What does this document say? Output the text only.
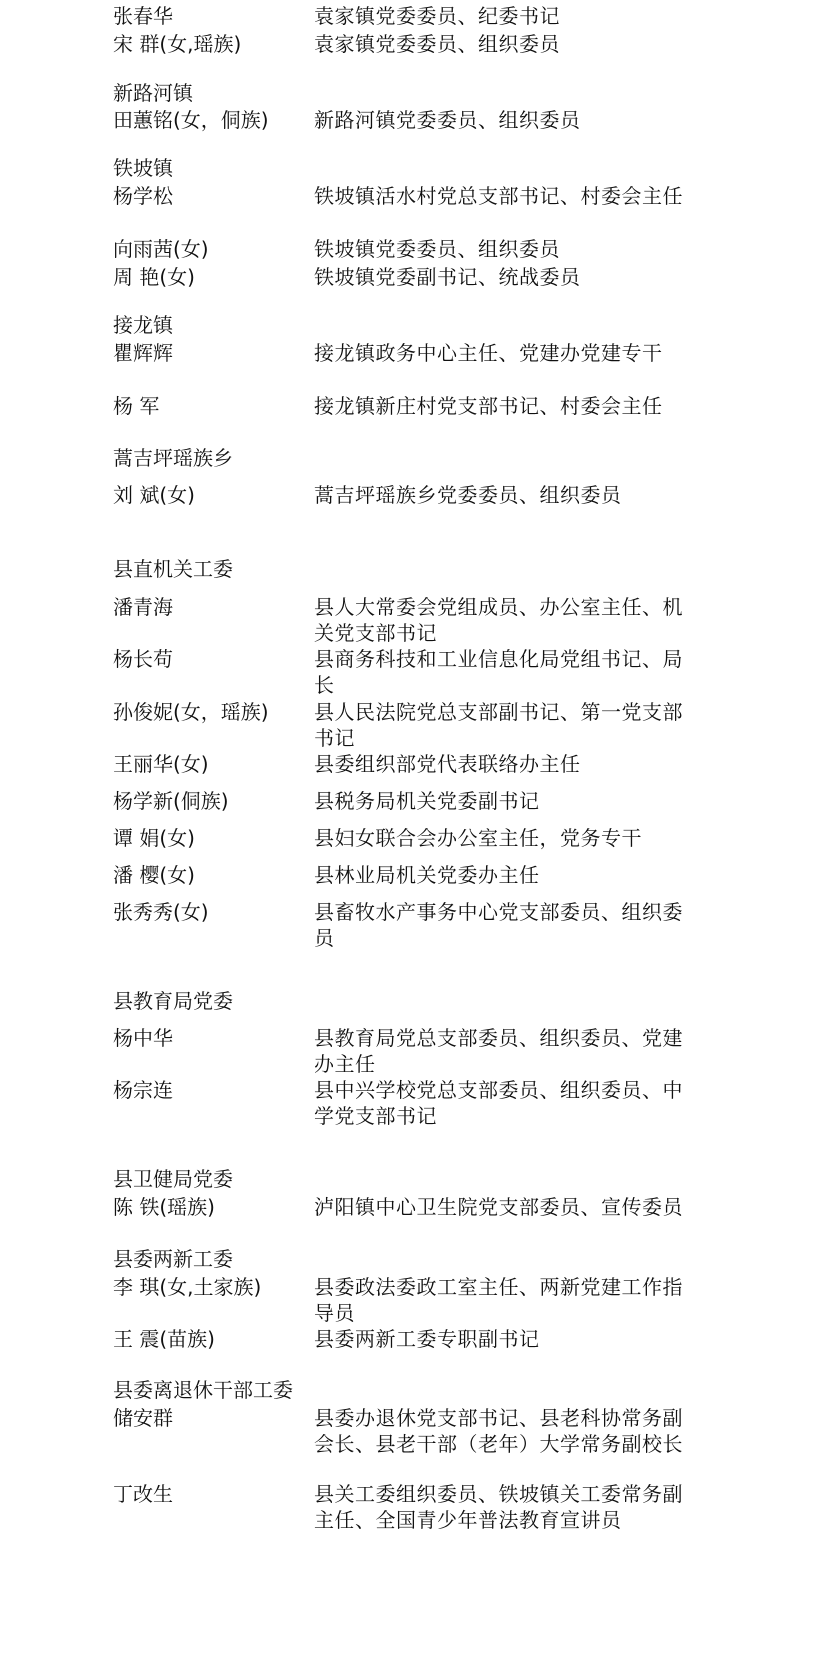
张春华	袁家镇党委委员、纪委书记
宋 群(女,瑶族)	袁家镇党委委员、组织委员
新路河镇
田蕙铭(女，侗族) 新路河镇党委委员、组织委员
铁坡镇
杨学松	铁坡镇活水村党总支部书记、村委会主任
向雨茜(女)	铁坡镇党委委员、组织委员
周 艳(女)	铁坡镇党委副书记、统战委员
接龙镇
瞿辉辉	接龙镇政务中心主任、党建办党建专干
杨 军	接龙镇新庄村党支部书记、村委会主任
蒿吉坪瑶族乡
刘 斌(女)	蒿吉坪瑶族乡党委委员、组织委员
县直机关工委
潘青海	县人大常委会党组成员、办公室主任、机关党支部书记
杨长苟	县商务科技和工业信息化局党组书记、局长
孙俊妮(女，瑶族) 县人民法院党总支部副书记、第一党支部书记
王丽华(女)	县委组织部党代表联络办主任
杨学新(侗族)	县税务局机关党委副书记
谭 娟(女)	县妇女联合会办公室主任，党务专干
潘 樱(女)	县林业局机关党委办主任
张秀秀(女)	县畜牧水产事务中心党支部委员、组织委员
县教育局党委
杨中华	县教育局党总支部委员、组织委员、党建办主任
杨宗连	县中兴学校党总支部委员、组织委员、中学党支部书记
县卫健局党委
陈 铁(瑶族)	泸阳镇中心卫生院党支部委员、宣传委员
县委两新工委
李 琪(女,土家族)	县委政法委政工室主任、两新党建工作指导员
王 震(苗族)	县委两新工委专职副书记
县委离退休干部工委
储安群	县委办退休党支部书记、县老科协常务副会长、县老干部（老年）大学常务副校长
丁改生	县关工委组织委员、铁坡镇关工委常务副主任、全国青少年普法教育宣讲员
